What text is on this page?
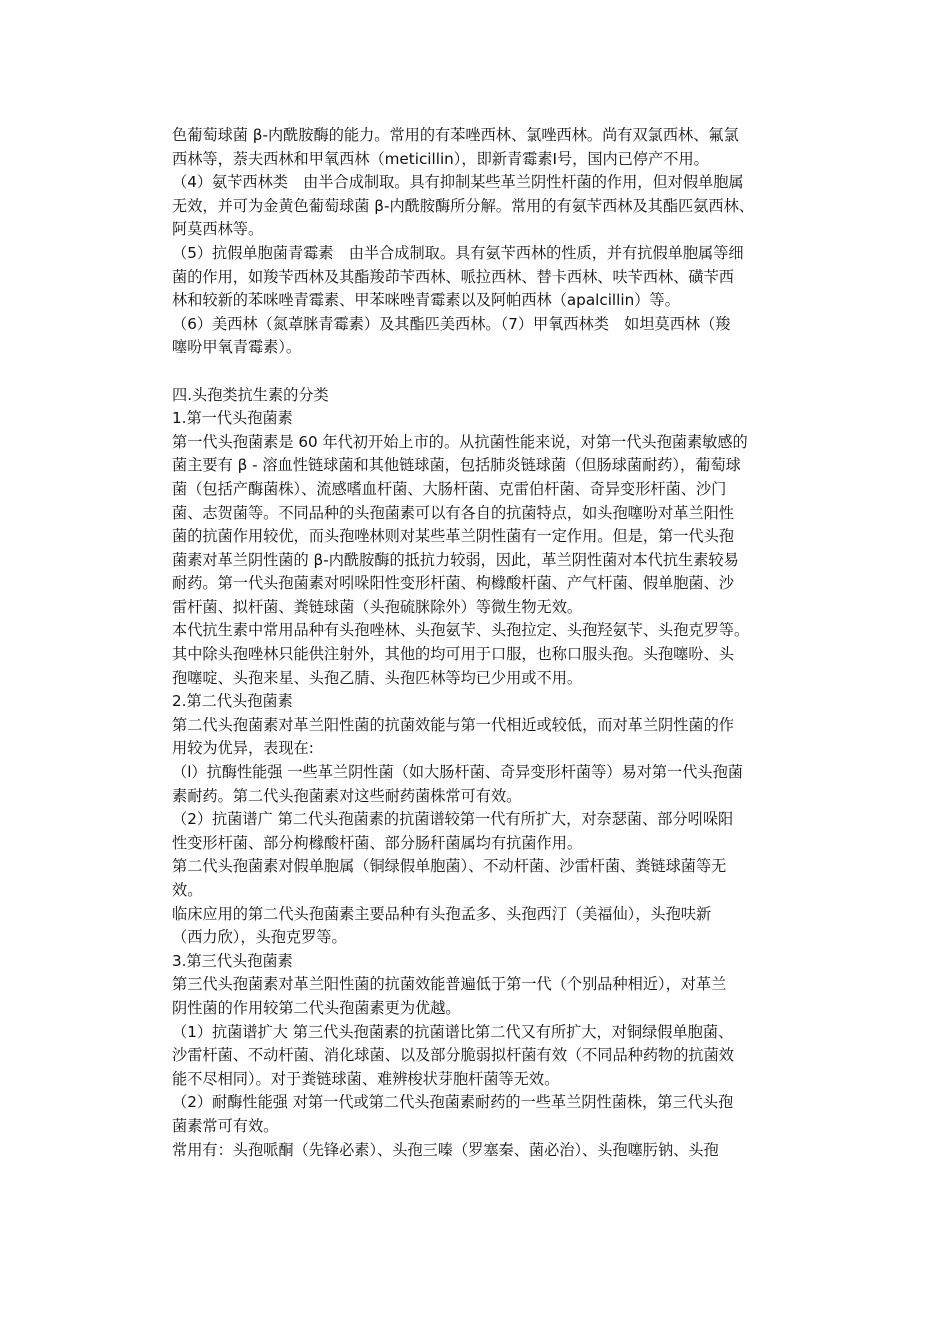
色葡萄球菌 β-内酰胺酶的能力。常用的有苯唑西林、氯唑西林。尚有双氯西林、氟氯
西林等，萘夫西林和甲氧西林（meticillin），即新青霉素Ⅰ号，国内已停产不用。
（4）氨苄西林类　由半合成制取。具有抑制某些革兰阴性杆菌的作用，但对假单胞属
无效，并可为金黄色葡萄球菌 β-内酰胺酶所分解。常用的有氨苄西林及其酯匹氨西林、
阿莫西林等。
（5）抗假单胞菌青霉素　由半合成制取。具有氨苄西林的性质，并有抗假单胞属等细
菌的作用，如羧苄西林及其酯羧茚苄西林、哌拉西林、替卡西林、呋苄西林、磺苄西
林和较新的苯咪唑青霉素、甲苯咪唑青霉素以及阿帕西林（apalcillin）等。
（6）美西林（氮䓬脒青霉素）及其酯匹美西林。（7）甲氧西林类　如坦莫西林（羧
噻吩甲氧青霉素）。
四.头孢类抗生素的分类
1.第一代头孢菌素
第一代头孢菌素是 60 年代初开始上市的。从抗菌性能来说，对第一代头孢菌素敏感的
菌主要有 β - 溶血性链球菌和其他链球菌，包括肺炎链球菌（但肠球菌耐药），葡萄球
菌（包括产酶菌株）、流感嗜血杆菌、大肠杆菌、克雷伯杆菌、奇异变形杆菌、沙门
菌、志贺菌等。不同品种的头孢菌素可以有各自的抗菌特点，如头孢噻吩对革兰阳性
菌的抗菌作用较优，而头孢唑林则对某些革兰阴性菌有一定作用。但是，第一代头孢
菌素对革兰阴性菌的 β-内酰胺酶的抵抗力较弱，因此，革兰阴性菌对本代抗生素较易
耐药。第一代头孢菌素对吲哚阳性变形杆菌、枸橼酸杆菌、产气杆菌、假单胞菌、沙
雷杆菌、拟杆菌、粪链球菌（头孢硫脒除外）等微生物无效。
本代抗生素中常用品种有头孢唑林、头孢氨苄、头孢拉定、头孢羟氨苄、头孢克罗等。
其中除头孢唑林只能供注射外，其他的均可用于口服，也称口服头孢。头孢噻吩、头
孢噻啶、头孢来星、头孢乙腈、头孢匹林等均已少用或不用。
2.第二代头孢菌素
第二代头孢菌素对革兰阳性菌的抗菌效能与第一代相近或较低，而对革兰阴性菌的作
用较为优异，表现在:
（l）抗酶性能强 一些革兰阴性菌（如大肠杆菌、奇异变形杆菌等）易对第一代头孢菌
素耐药。第二代头孢菌素对这些耐药菌株常可有效。
（2）抗菌谱广 第二代头孢菌素的抗菌谱较第一代有所扩大，对奈瑟菌、部分吲哚阳
性变形杆菌、部分枸橼酸杆菌、部分肠秆菌属均有抗菌作用。
第二代头孢菌素对假单胞属（铜绿假单胞菌）、不动杆菌、沙雷杆菌、粪链球菌等无
效。
临床应用的第二代头孢菌素主要品种有头孢孟多、头孢西汀（美福仙），头孢呋新
（西力欣），头孢克罗等。
3.第三代头孢菌素
第三代头孢菌素对革兰阳性菌的抗菌效能普遍低于第一代（个别品种相近），对革兰
阴性菌的作用较第二代头孢菌素更为优越。
（1）抗菌谱扩大 第三代头孢菌素的抗菌谱比第二代又有所扩大，对铜绿假单胞菌、
沙雷杆菌、不动杆菌、消化球菌、以及部分脆弱拟杆菌有效（不同品种药物的抗菌效
能不尽相同）。对于粪链球菌、难辨梭状芽胞杆菌等无效。
（2）耐酶性能强 对第一代或第二代头孢菌素耐药的一些革兰阴性菌株，第三代头孢
菌素常可有效。
常用有：头孢哌酮（先锋必素）、头孢三嗪（罗塞秦、菌必治）、头孢噻肟钠、头孢
